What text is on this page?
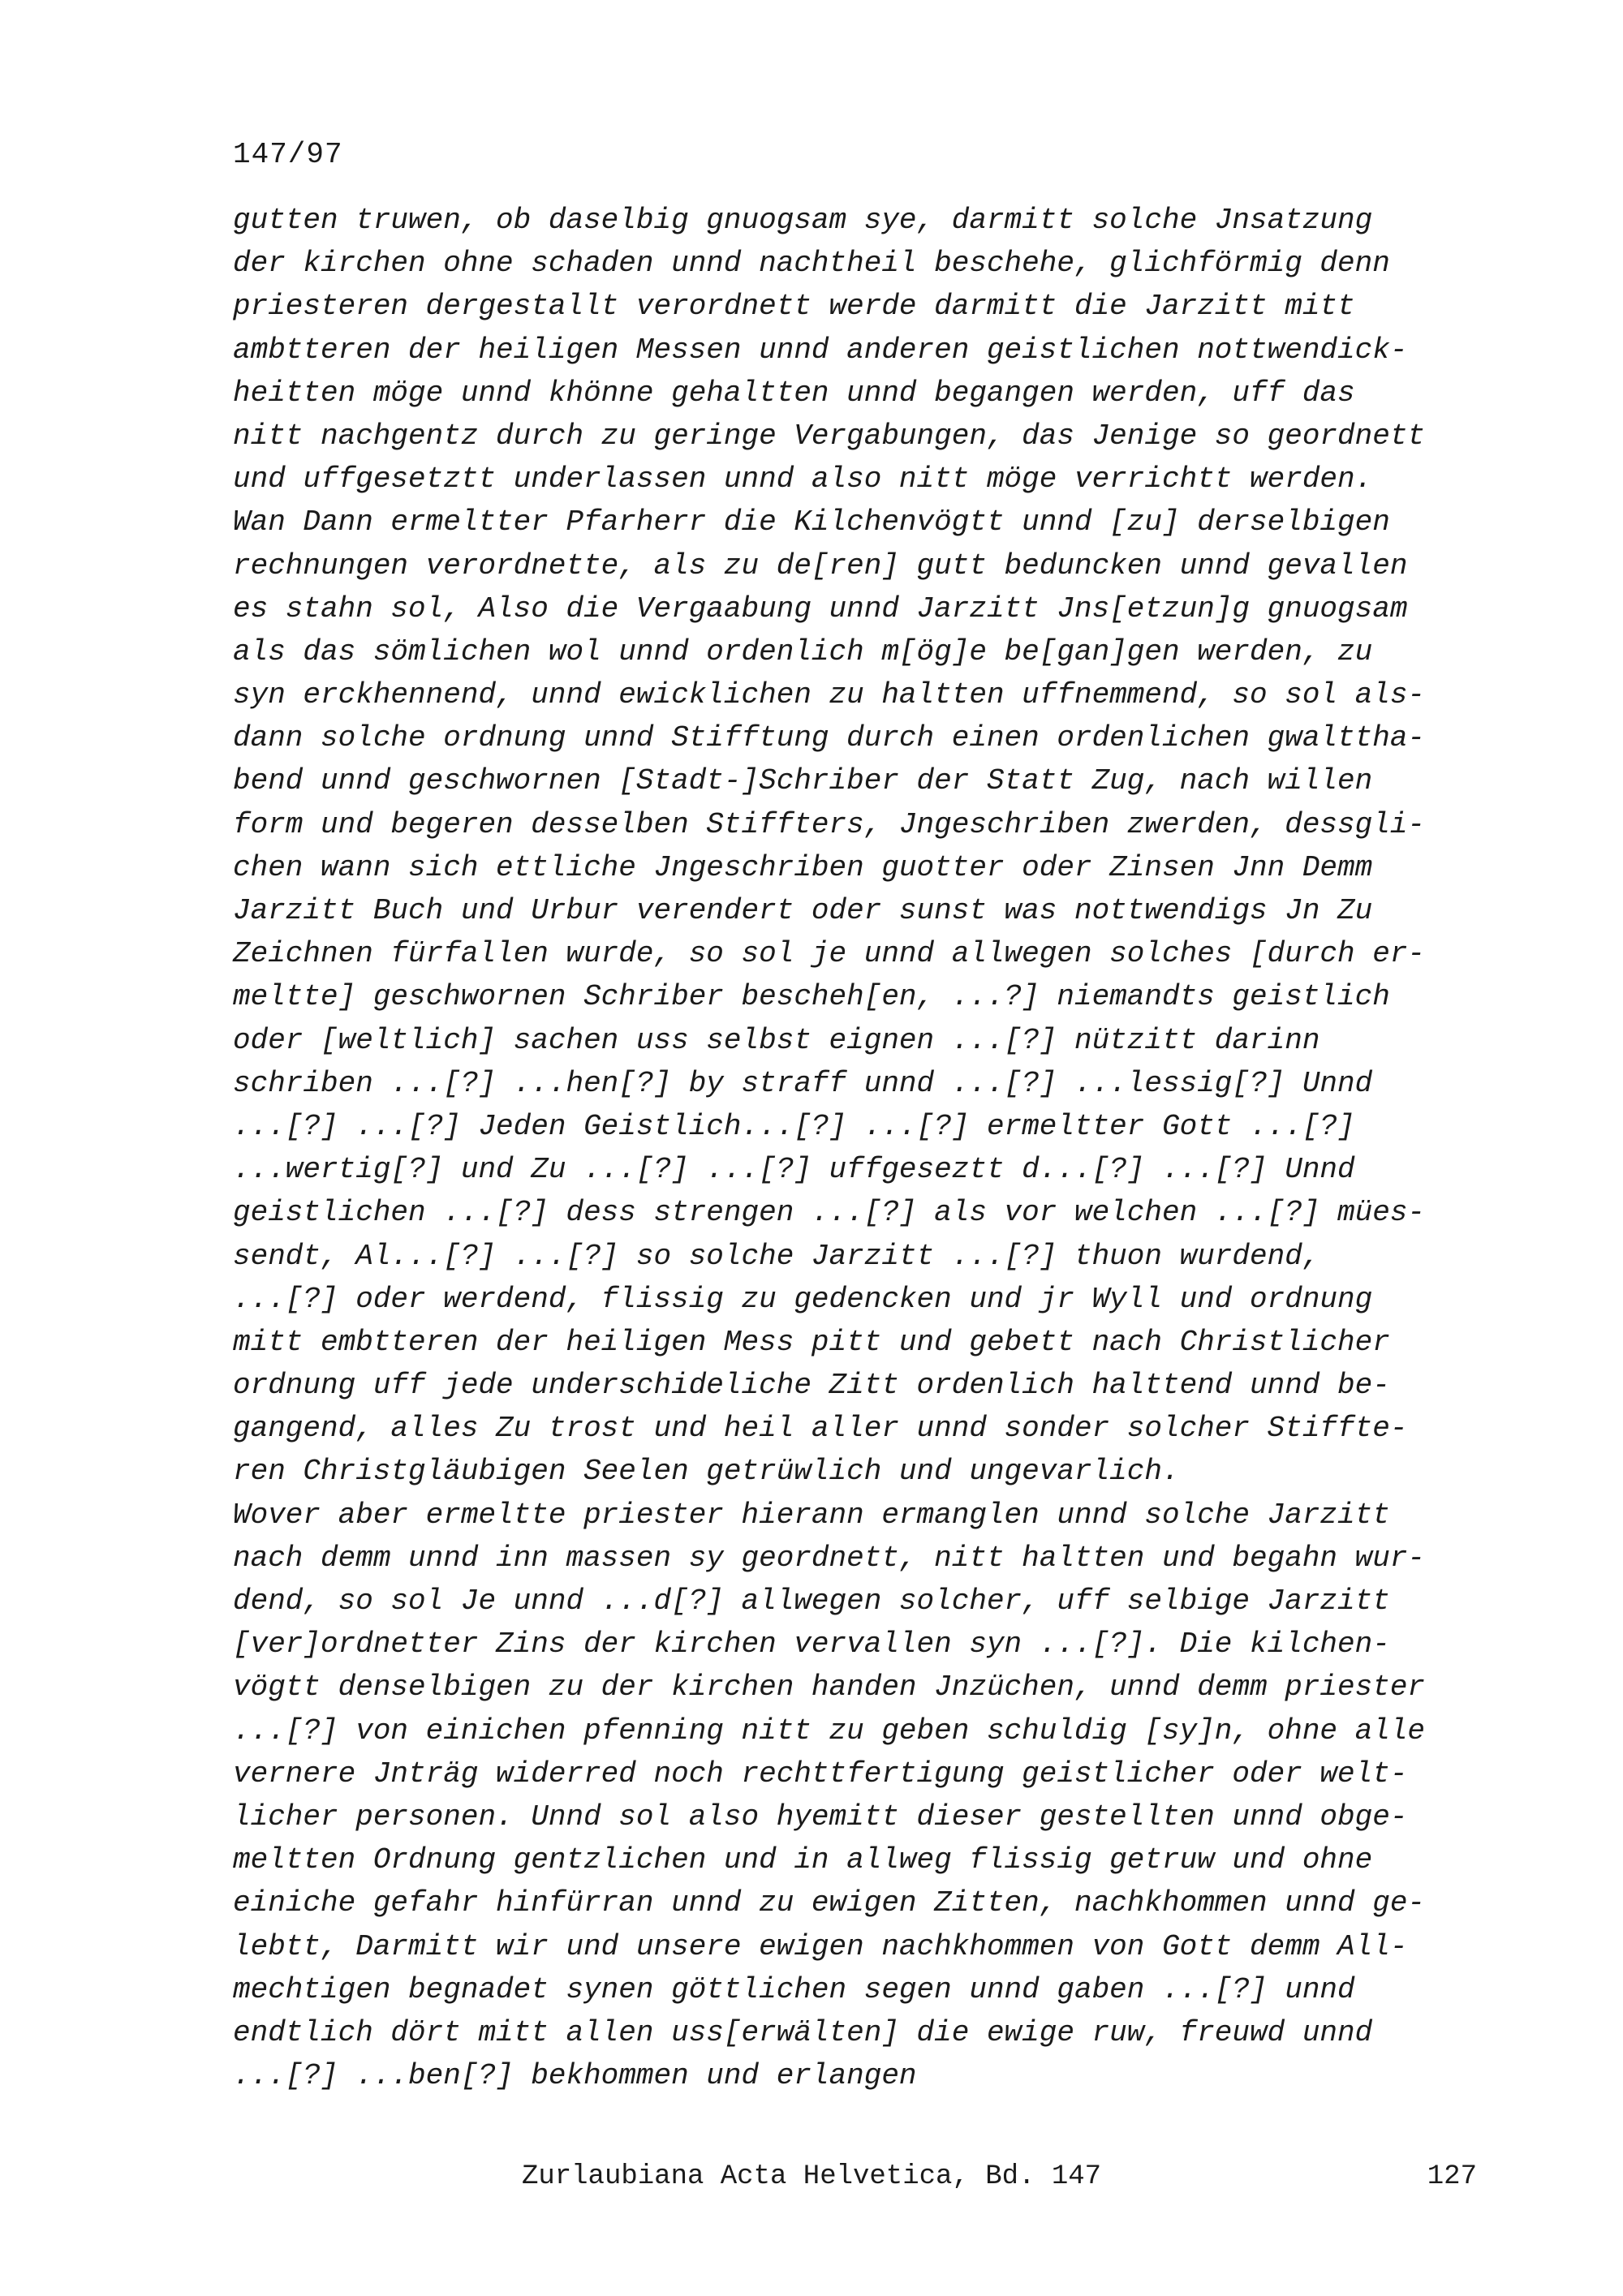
147/97
gutten truwen, ob daselbig gnuogsam sye, darmitt solche Jnsatzung
der kirchen ohne schaden unnd nachtheil beschehe, glichförmig denn
priesteren dergestallt verordnett werde darmitt die Jarzitt mitt
ambtteren der heiligen Messen unnd anderen geistlichen nottwendick-
heitten möge unnd khönne gehaltten unnd begangen werden, uff das
nitt nachgentz durch zu geringe Vergabungen, das Jenige so geordnett
und uffgesetztt underlassen unnd also nitt möge verrichtt werden.
Wan Dann ermeltter Pfarherr die Kilchenvögtt unnd [zu] derselbigen
rechnungen verordnette, als zu de[ren] gutt beduncken unnd gevallen
es stahn sol, Also die Vergaabung unnd Jarzitt Jns[etzun]g gnuogsam
als das sömlichen wol unnd ordenlich m[ög]e be[gan]gen werden, zu
syn erckhennend, unnd ewicklichen zu haltten uffnemmend, so sol als-
dann solche ordnung unnd Stifftung durch einen ordenlichen gwalttha-
bend unnd geschwornen [Stadt-]Schriber der Statt Zug, nach willen
form und begeren desselben Stiffters, Jngeschriben zwerden, dessgli-
chen wann sich ettliche Jngeschriben guotter oder Zinsen Jnn Demm
Jarzitt Buch und Urbur verendert oder sunst was nottwendigs Jn Zu
Zeichnen fürfallen wurde, so sol je unnd allwegen solches [durch er-
meltte] geschwornen Schriber bescheh[en, ...?] niemandts geistlich
oder [weltlich] sachen uss selbst eignen ...[?] nützitt darinn
schriben ...[?] ...hen[?] by straff unnd ...[?] ...lessig[?] Unnd
...[?] ...[?] Jeden Geistlich...[?] ...[?] ermeltter Gott ...[?]
...wertig[?] und Zu ...[?] ...[?] uffgeseztt d...[?] ...[?] Unnd
geistlichen ...[?] dess strengen ...[?] als vor welchen ...[?] mües-
sendt, Al...[?] ...[?] so solche Jarzitt ...[?] thuon wurdend,
...[?] oder werdend, flissig zu gedencken und jr Wyll und ordnung
mitt embtteren der heiligen Mess pitt und gebett nach Christlicher
ordnung uff jede underschideliche Zitt ordenlich halttend unnd be-
gangend, alles Zu trost und heil aller unnd sonder solcher Stiffte-
ren Christgläubigen Seelen getrüwlich und ungevarlich.
Wover aber ermeltte priester hierann ermanglen unnd solche Jarzitt
nach demm unnd inn massen sy geordnett, nitt haltten und begahn wur-
dend, so sol Je unnd ...d[?] allwegen solcher, uff selbige Jarzitt
[ver]ordnetter Zins der kirchen vervallen syn ...[?]. Die kilchen-
vögtt denselbigen zu der kirchen handen Jnzüchen, unnd demm priester
...[?] von einichen pfenning nitt zu geben schuldig [sy]n, ohne alle
vernere Jnträg widerred noch rechttfertigung geistlicher oder welt-
licher personen. Unnd sol also hyemitt dieser gestellten unnd obge-
meltten Ordnung gentzlichen und in allweg flissig getruw und ohne
einiche gefahr hinfürran unnd zu ewigen Zitten, nachkhommen unnd ge-
lebtt, Darmitt wir und unsere ewigen nachkhommen von Gott demm All-
mechtigen begnadet synen göttlichen segen unnd gaben ...[?] unnd
endtlich dört mitt allen uss[erwälten] die ewige ruw, freuwd unnd
...[?] ...ben[?] bekhommen und erlangen
Zurlaubiana Acta Helvetica, Bd. 147	127
